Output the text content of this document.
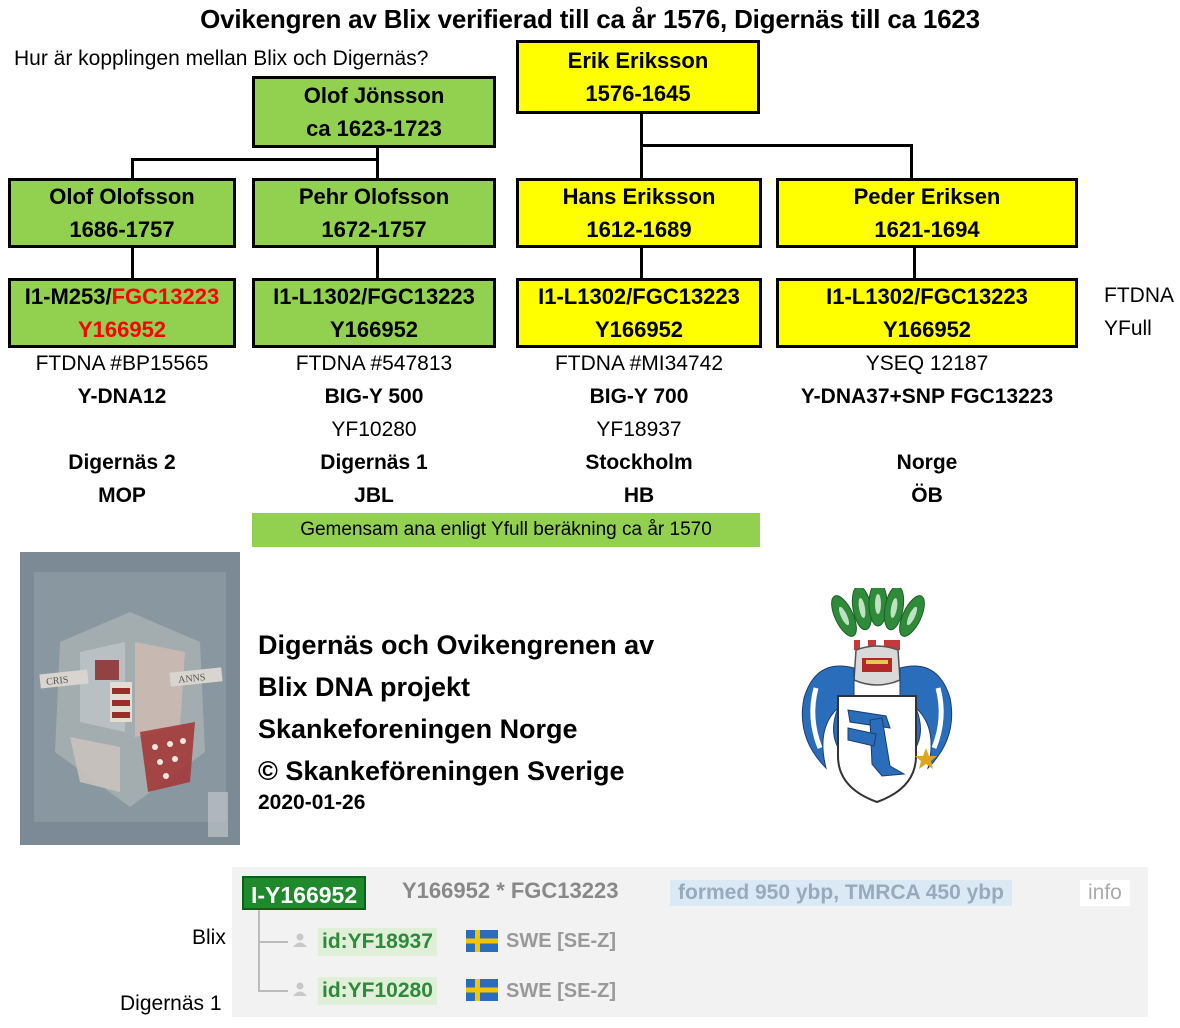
Ovikengren av Blix verifierad till ca år 1576, Digernäs till ca 1623
Hur är kopplingen mellan Blix och Digernäs?
Olof Jönsson
ca 1623-1723
Erik Eriksson
1576-1645
Olof Olofsson
1686-1757
Pehr Olofsson
1672-1757
Hans Eriksson
1612-1689
Peder Eriksen
1621-1694
I1-M253/FGC13223
Y166952
I1-L1302/FGC13223
Y166952
I1-L1302/FGC13223
Y166952
I1-L1302/FGC13223
Y166952
FTDNA
YFull
FTDNA #BP15565
Y-DNA12
Digernäs 2
MOP
FTDNA #547813
BIG-Y 500
YF10280
Digernäs 1
JBL
FTDNA #MI34742
BIG-Y 700
YF18937
Stockholm
HB
YSEQ 12187
Y-DNA37+SNP FGC13223
Norge
ÖB
Gemensam ana enligt Yfull beräkning ca år 1570
CRIS	ANNS
Digernäs och Ovikengrenen av
Blix DNA projekt
Skankeforeningen Norge
© Skankeföreningen Sverige
2020-01-26
I-Y166952	Y166952 * FGC13223	formed 950 ybp, TMRCA 450 ybp	info
Blix
Digernäs 1
id:YF18937	SWE [SE-Z]
id:YF10280	SWE [SE-Z]
